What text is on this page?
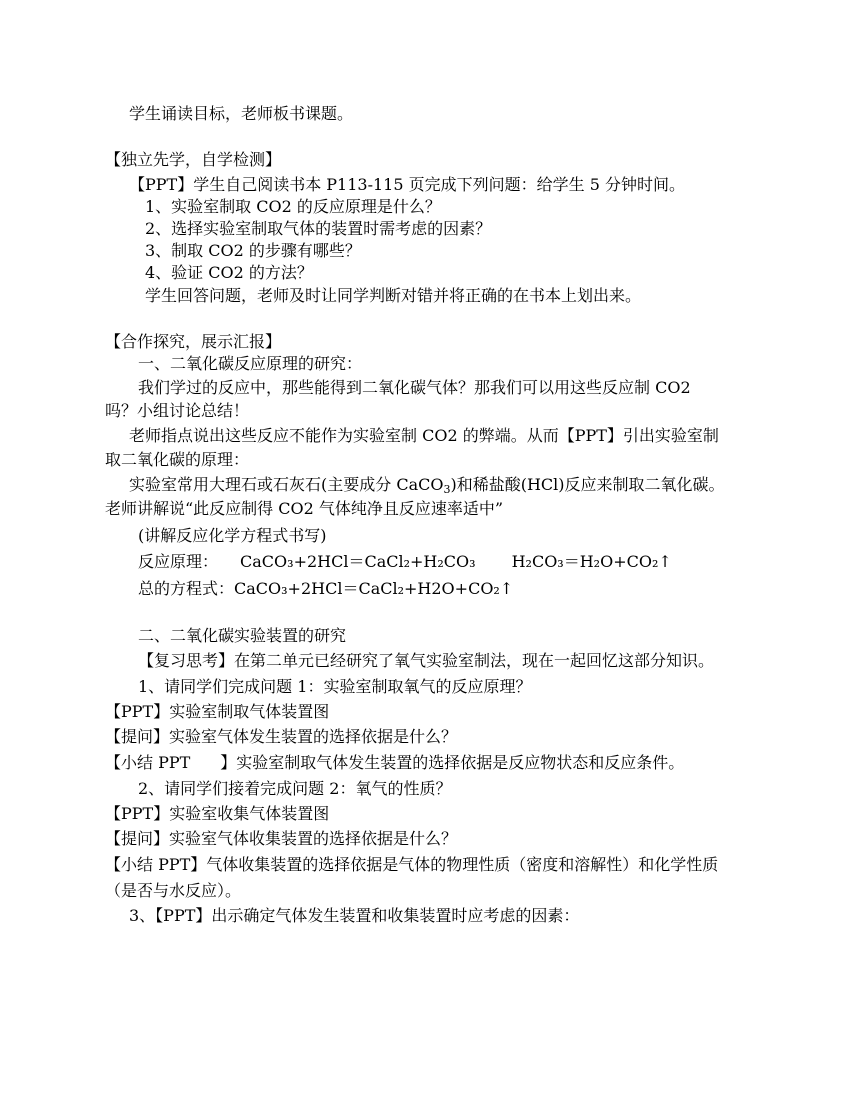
学生诵读目标，老师板书课题。
【独立先学，自学检测】
【PPT】学生自己阅读书本 P113-115 页完成下列问题：给学生 5 分钟时间。
1、实验室制取 CO2 的反应原理是什么？
2、选择实验室制取气体的装置时需考虑的因素？
3、制取 CO2 的步骤有哪些？
4、验证 CO2 的方法？
学生回答问题，老师及时让同学判断对错并将正确的在书本上划出来。
【合作探究，展示汇报】
一、二氧化碳反应原理的研究：
我们学过的反应中，那些能得到二氧化碳气体？那我们可以用这些反应制 CO2
吗？小组讨论总结！
老师指点说出这些反应不能作为实验室制 CO2 的弊端。从而【PPT】引出实验室制
取二氧化碳的原理：
实验室常用大理石或石灰石(主要成分 CaCO$_3$)和稀盐酸(HCl)反应来制取二氧化碳。
老师讲解说“此反应制得 CO2 气体纯净且反应速率适中”
(讲解反应化学方程式书写)
反应原理： CaCO₃+2HCl＝CaCl₂+H₂CO₃ H₂CO₃＝H₂O+CO₂↑
总的方程式：CaCO₃+2HCl＝CaCl₂+H2O+CO₂↑
二、二氧化碳实验装置的研究
【复习思考】在第二单元已经研究了氧气实验室制法，现在一起回忆这部分知识。
1、请同学们完成问题 1：实验室制取氧气的反应原理？
【PPT】实验室制取气体装置图
【提问】实验室气体发生装置的选择依据是什么？
【小结 PPT 】实验室制取气体发生装置的选择依据是反应物状态和反应条件。
2、请同学们接着完成问题 2：氧气的性质？
【PPT】实验室收集气体装置图
【提问】实验室气体收集装置的选择依据是什么？
【小结 PPT】气体收集装置的选择依据是气体的物理性质（密度和溶解性）和化学性质
（是否与水反应）。
3、【PPT】出示确定气体发生装置和收集装置时应考虑的因素：
